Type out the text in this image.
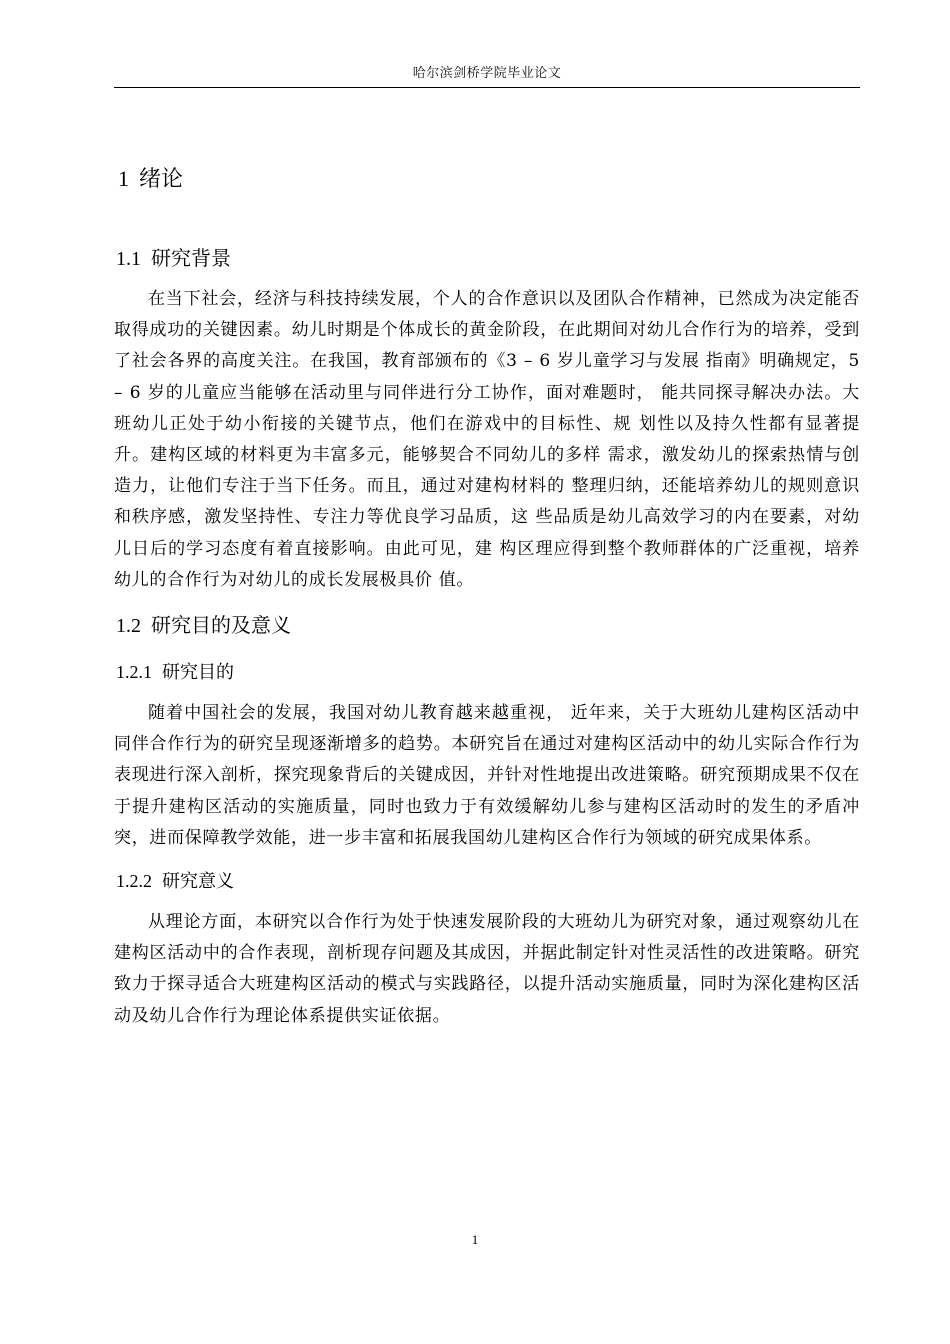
哈尔滨剑桥学院毕业论文
1 绪论
1.1 研究背景

在当下社会，经济与科技持续发展，个人的合作意识以及团队合作精神，已然成为决定能否取得成功的关键因素。幼儿时期是个体成长的黄金阶段，在此期间对幼儿合作行为的培养，受到了社会各界的高度关注。在我国，教育部颁布的《3 – 6 岁儿童学习与发展 指南》明确规定，5 – 6 岁的儿童应当能够在活动里与同伴进行分工协作，面对难题时， 能共同探寻解决办法。大班幼儿正处于幼小衔接的关键节点，他们在游戏中的目标性、规 划性以及持久性都有显著提升。建构区域的材料更为丰富多元，能够契合不同幼儿的多样 需求，激发幼儿的探索热情与创造力，让他们专注于当下任务。而且，通过对建构材料的 整理归纳，还能培养幼儿的规则意识和秩序感，激发坚持性、专注力等优良学习品质，这 些品质是幼儿高效学习的内在要素，对幼儿日后的学习态度有着直接影响。由此可见，建 构区理应得到整个教师群体的广泛重视，培养幼儿的合作行为对幼儿的成长发展极具价 值。

1.2 研究目的及意义
1.2.1 研究目的

随着中国社会的发展，我国对幼儿教育越来越重视， 近年来，关于大班幼儿建构区活动中同伴合作行为的研究呈现逐渐增多的趋势。本研究旨在通过对建构区活动中的幼儿实际合作行为表现进行深入剖析，探究现象背后的关键成因，并针对性地提出改进策略。研究预期成果不仅在于提升建构区活动的实施质量，同时也致力于有效缓解幼儿参与建构区活动时的发生的矛盾冲突，进而保障教学效能，进一步丰富和拓展我国幼儿建构区合作行为领域的研究成果体系。

1.2.2 研究意义

从理论方面，本研究以合作行为处于快速发展阶段的大班幼儿为研究对象，通过观察幼儿在建构区活动中的合作表现，剖析现存问题及其成因，并据此制定针对性灵活性的改进策略。研究致力于探寻适合大班建构区活动的模式与实践路径，以提升活动实施质量，同时为深化建构区活动及幼儿合作行为理论体系提供实证依据。

1
